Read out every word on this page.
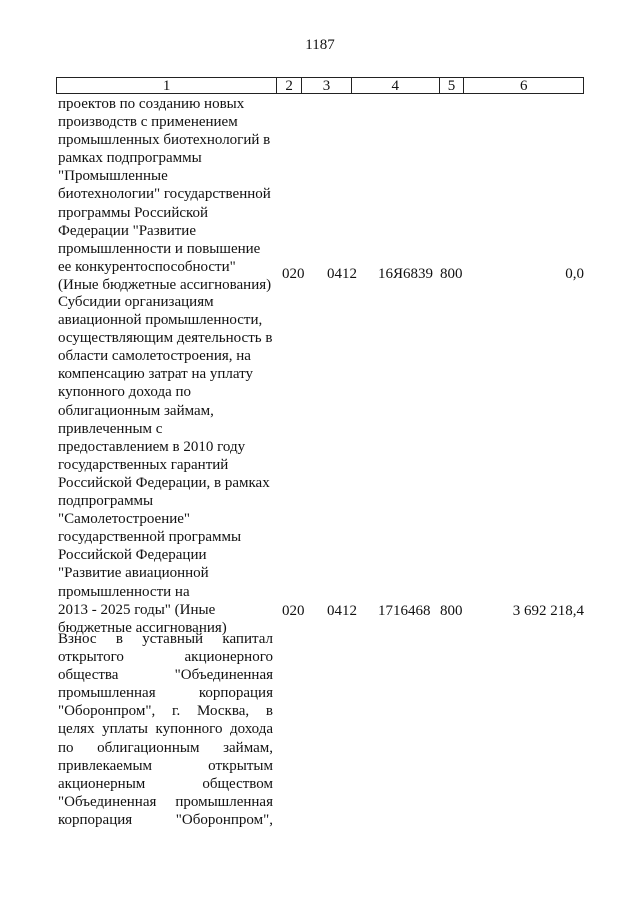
1187
1	2	3	4	5	6
проектов по созданию новых
производств с применением
промышленных биотехнологий в
рамках подпрограммы
"Промышленные
биотехнологии" государственной
программы Российской
Федерации "Развитие
промышленности и повышение
ее конкурентоспособности"
(Иные бюджетные ассигнования)
020 0412 16Я6839 800	0,0
Субсидии организациям
авиационной промышленности,
осуществляющим деятельность в
области самолетостроения, на
компенсацию затрат на уплату
купонного дохода по
облигационным займам,
привлеченным с
предоставлением в 2010 году
государственных гарантий
Российской Федерации, в рамках
подпрограммы
"Самолетостроение"
государственной программы
Российской Федерации
"Развитие авиационной
промышленности на
2013 - 2025 годы" (Иные
бюджетные ассигнования)
020 0412 1716468 800	3 692 218,4
Взнос в уставный капитал
открытого акционерного
общества "Объединенная
промышленная корпорация
"Оборонпром", г. Москва, в
целях уплаты купонного дохода
по облигационным займам,
привлекаемым открытым
акционерным обществом
"Объединенная промышленная
корпорация "Оборонпром",
